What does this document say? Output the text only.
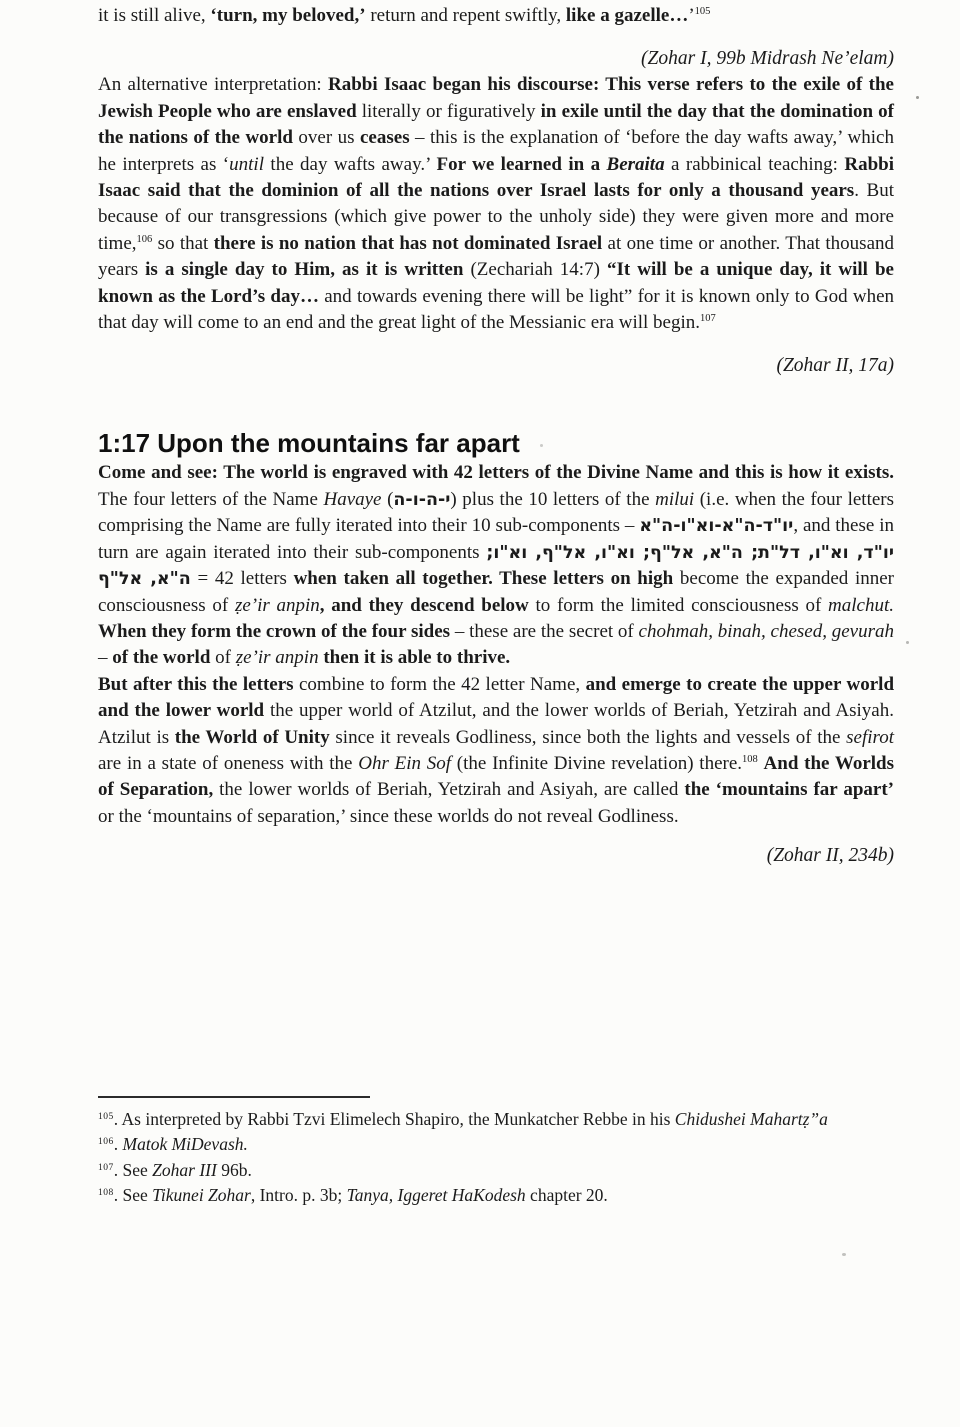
it is still alive, ‘turn, my beloved,’ return and repent swiftly, like a gazelle…’$^{105}$

(Zohar I, 99b Midrash Ne’elam)

An alternative interpretation: Rabbi Isaac began his discourse: This verse refers to the exile of the Jewish People who are enslaved literally or figuratively in exile until the day that the domination of the nations of the world over us ceases – this is the explanation of ‘before the day wafts away,’ which he interprets as ‘until the day wafts away.’ For we learned in a Beraita a rabbinical teaching: Rabbi Isaac said that the dominion of all the nations over Israel lasts for only a thousand years. But because of our transgressions (which give power to the unholy side) they were given more and more time,$^{106}$ so that there is no nation that has not dominated Israel at one time or another. That thousand years is a single day to Him, as it is written (Zechariah 14:7) “It will be a unique day, it will be known as the Lord’s day… and towards evening there will be light” for it is known only to God when that day will come to an end and the great light of the Messianic era will begin.$^{107}$

(Zohar II, 17a)
1:17 Upon the mountains far apart

Come and see: The world is engraved with 42 letters of the Divine Name and this is how it exists. The four letters of the Name Havaye (י-ה-ו-ה) plus the 10 letters of the milui (i.e. when the four letters comprising the Name are fully iterated into their 10 sub-components – יו"ד-ה"א-וא"ו-ה"א, and these in turn are again iterated into their sub-components יו"ד, וא"ו, דל"ת; ה"א, אל"ף; וא"ו, אל"ף, וא"ו; ה"א, אל"ף = 42 letters when taken all together. These letters on high become the expanded inner consciousness of ẓe’ir anpin, and they descend below to form the limited consciousness of malchut. When they form the crown of the four sides – these are the secret of chohmah, binah, chesed, gevurah – of the world of ẓe’ir anpin then it is able to thrive.

But after this the letters combine to form the 42 letter Name, and emerge to create the upper world and the lower world the upper world of Atzilut, and the lower worlds of Beriah, Yetzirah and Asiyah. Atzilut is the World of Unity since it reveals Godliness, since both the lights and vessels of the sefirot are in a state of oneness with the Ohr Ein Sof (the Infinite Divine revelation) there.$^{108}$ And the Worlds of Separation, the lower worlds of Beriah, Yetzirah and Asiyah, are called the ‘mountains far apart’ or the ‘mountains of separation,’ since these worlds do not reveal Godliness.

(Zohar II, 234b)
$^{105}$. As interpreted by Rabbi Tzvi Elimelech Shapiro, the Munkatcher Rebbe in his Chidushei Mahartẓ”a
$^{106}$. Matok MiDevash.
$^{107}$. See Zohar III 96b.
$^{108}$. See Tikunei Zohar, Intro. p. 3b; Tanya, Iggeret HaKodesh chapter 20.
